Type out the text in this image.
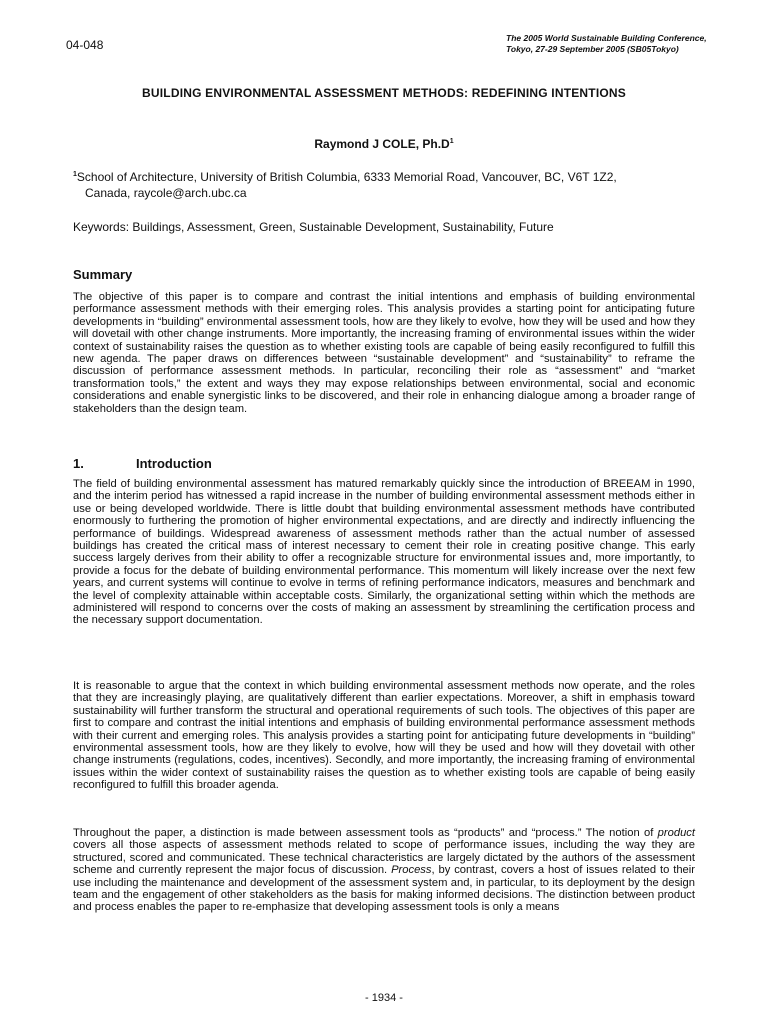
04-048	The 2005 World Sustainable Building Conference,
Tokyo, 27-29 September 2005 (SB05Tokyo)
BUILDING ENVIRONMENTAL ASSESSMENT METHODS: REDEFINING INTENTIONS
Raymond J COLE, $Ph.D^1$
$^1$School of Architecture, University of British Columbia, 6333 Memorial Road, Vancouver, BC, V6T 1Z2,
Canada, raycole@arch.ubc.ca
Keywords: Buildings, Assessment, Green, Sustainable Development, Sustainability, Future
Summary
The objective of this paper is to compare and contrast the initial intentions and emphasis of building environmental performance assessment methods with their emerging roles. This analysis provides a starting point for anticipating future developments in “building” environmental assessment tools, how are they likely to evolve, how they will be used and how they will dovetail with other change instruments. More importantly, the increasing framing of environmental issues within the wider context of sustainability raises the question as to whether existing tools are capable of being easily reconfigured to fulfill this new agenda. The paper draws on differences between “sustainable development” and “sustainability” to reframe the discussion of performance assessment methods. In particular, reconciling their role as “assessment” and “market transformation tools,” the extent and ways they may expose relationships between environmental, social and economic considerations and enable synergistic links to be discovered, and their role in enhancing dialogue among a broader range of stakeholders than the design team.
1.	Introduction
The field of building environmental assessment has matured remarkably quickly since the introduction of BREEAM in 1990, and the interim period has witnessed a rapid increase in the number of building environmental assessment methods either in use or being developed worldwide. There is little doubt that building environmental assessment methods have contributed enormously to furthering the promotion of higher environmental expectations, and are directly and indirectly influencing the performance of buildings. Widespread awareness of assessment methods rather than the actual number of assessed buildings has created the critical mass of interest necessary to cement their role in creating positive change. This early success largely derives from their ability to offer a recognizable structure for environmental issues and, more importantly, to provide a focus for the debate of building environmental performance. This momentum will likely increase over the next few years, and current systems will continue to evolve in terms of refining performance indicators, measures and benchmark and the level of complexity attainable within acceptable costs. Similarly, the organizational setting within which the methods are administered will respond to concerns over the costs of making an assessment by streamlining the certification process and the necessary support documentation.
It is reasonable to argue that the context in which building environmental assessment methods now operate, and the roles that they are increasingly playing, are qualitatively different than earlier expectations. Moreover, a shift in emphasis toward sustainability will further transform the structural and operational requirements of such tools. The objectives of this paper are first to compare and contrast the initial intentions and emphasis of building environmental performance assessment methods with their current and emerging roles. This analysis provides a starting point for anticipating future developments in “building” environmental assessment tools, how are they likely to evolve, how will they be used and how will they dovetail with other change instruments (regulations, codes, incentives). Secondly, and more importantly, the increasing framing of environmental issues within the wider context of sustainability raises the question as to whether existing tools are capable of being easily reconfigured to fulfill this broader agenda.
Throughout the paper, a distinction is made between assessment tools as “products” and “process.” The notion of product covers all those aspects of assessment methods related to scope of performance issues, including the way they are structured, scored and communicated. These technical characteristics are largely dictated by the authors of the assessment scheme and currently represent the major focus of discussion. Process, by contrast, covers a host of issues related to their use including the maintenance and development of the assessment system and, in particular, to its deployment by the design team and the engagement of other stakeholders as the basis for making informed decisions. The distinction between product and process enables the paper to re-emphasize that developing assessment tools is only a means
- 1934 -
